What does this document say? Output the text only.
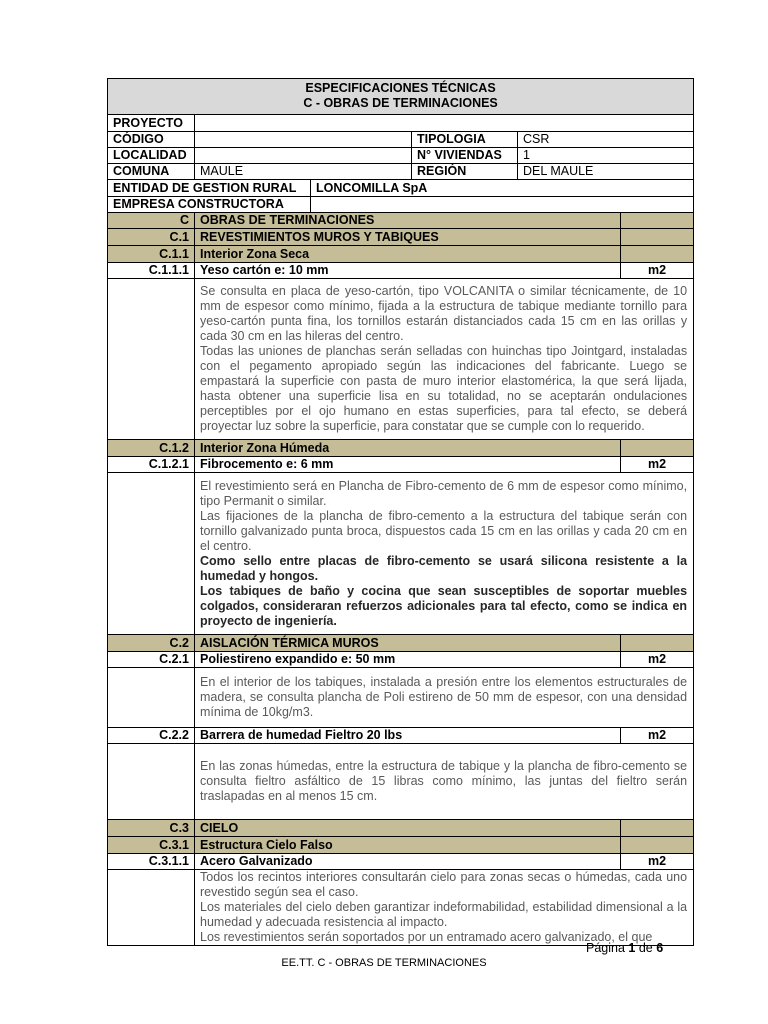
ESPECIFICACIONES TÉCNICAS
C - OBRAS DE TERMINACIONES					

PROYECTO					
CÓDIGO			TIPOLOGIA	CSR	
LOCALIDAD			N° VIVIENDAS	1	
COMUNA	MAULE		REGIÓN	DEL MAULE	
ENTIDAD DE GESTION RURAL		LONCOMILLA SpA			
EMPRESA CONSTRUCTORA					
C	OBRAS DE TERMINACIONES				
C.1	REVESTIMIENTOS MUROS Y TABIQUES				
C.1.1	Interior Zona Seca				
C.1.1.1	Yeso cartón e: 10 mm				m2

	Se consulta en placa de yeso-cartón, tipo VOLCANITA o similar técnicamente, de 10 mm de espesor como mínimo, fijada a la estructura de tabique mediante tornillo para yeso-cartón punta fina, los tornillos estarán distanciados cada 15 cm en las orillas y cada 30 cm en las hileras del centro.

Todas las uniones de planchas serán selladas con huinchas tipo Jointgard, instaladas con el pegamento apropiado según las indicaciones del fabricante. Luego se empastará la superficie con pasta de muro interior elastomérica, la que será lijada, hasta obtener una superficie lisa en su totalidad, no se aceptarán ondulaciones perceptibles por el ojo humano en estas superficies, para tal efecto, se deberá proyectar luz sobre la superficie, para constatar que se cumple con lo requerido.				

C.1.2	Interior Zona Húmeda				
C.1.2.1	Fibrocemento e: 6 mm				m2

	El revestimiento será en Plancha de Fibro-cemento de 6 mm de espesor como mínimo, tipo Permanit o similar.

Las fijaciones de la plancha de fibro-cemento a la estructura del tabique serán con tornillo galvanizado punta broca, dispuestos cada 15 cm en las orillas y cada 20 cm en el centro.

Como sello entre placas de fibro-cemento se usará silicona resistente a la humedad y hongos.

Los tabiques de baño y cocina que sean susceptibles de soportar muebles colgados, consideraran refuerzos adicionales para tal efecto, como se indica en proyecto de ingeniería.				

C.2	AISLACIÓN TÉRMICA MUROS				
C.2.1	Poliestireno expandido e: 50 mm				m2

	En el interior de los tabiques, instalada a presión entre los elementos estructurales de madera, se consulta plancha de Poli estireno de 50 mm de espesor, con una densidad mínima de 10kg/m3.				

C.2.2	Barrera de humedad Fieltro 20 lbs				m2

	En las zonas húmedas, entre la estructura de tabique y la plancha de fibro-cemento se consulta fieltro asfáltico de 15 libras como mínimo, las juntas del fieltro serán traslapadas en al menos 15 cm.				

C.3	CIELO				
C.3.1	Estructura Cielo Falso				
C.3.1.1	Acero Galvanizado				m2

	Todos los recintos interiores consultarán cielo para zonas secas o húmedas, cada uno revestido según sea el caso.

Los materiales del cielo deben garantizar indeformabilidad, estabilidad dimensional a la humedad y adecuada resistencia al impacto.

Los revestimientos serán soportados por un entramado acero galvanizado, el que				

Página 1 de 6
EE.TT. C - OBRAS DE TERMINACIONES
